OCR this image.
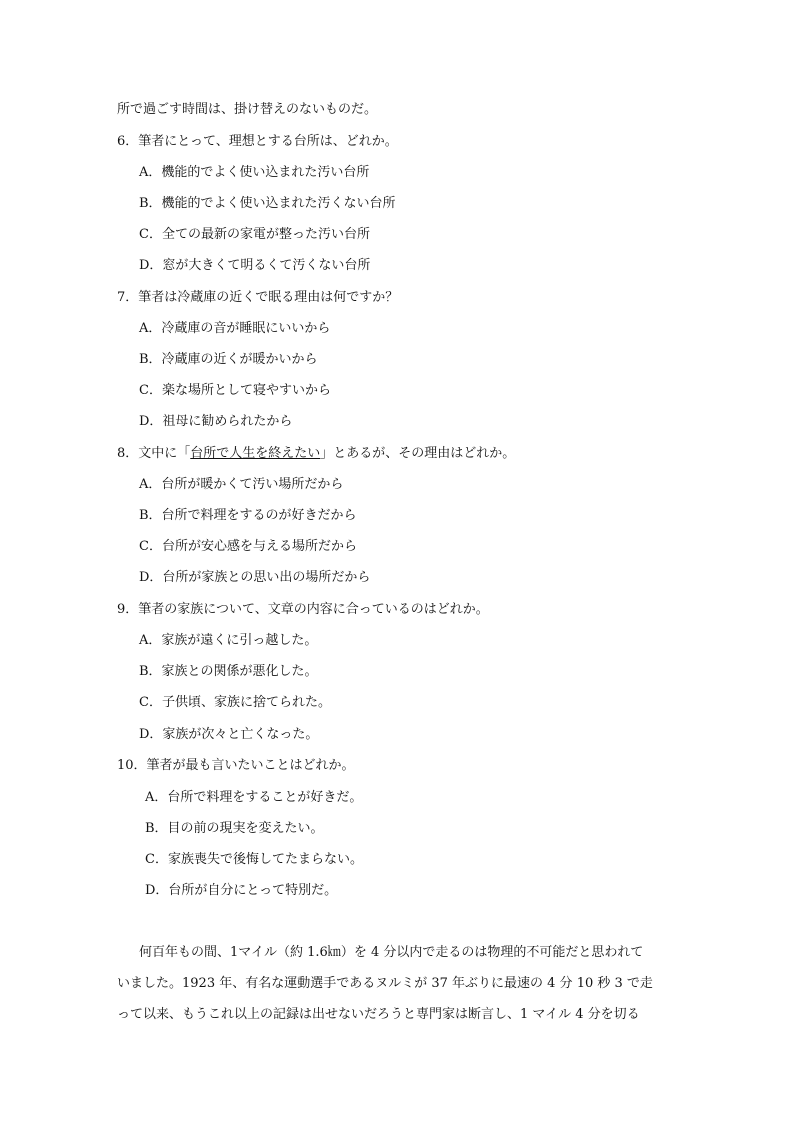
所で過ごす時間は、掛け替えのないものだ。
6．筆者にとって、理想とする台所は、どれか。
A．機能的でよく使い込まれた汚い台所
B．機能的でよく使い込まれた汚くない台所
C．全ての最新の家電が整った汚い台所
D．窓が大きくて明るくて汚くない台所
7．筆者は冷蔵庫の近くで眠る理由は何ですか？
A．冷蔵庫の音が睡眠にいいから
B．冷蔵庫の近くが暖かいから
C．楽な場所として寝やすいから
D．祖母に勧められたから
8．文中に「台所で人生を終えたい」とあるが、その理由はどれか。
A．台所が暖かくて汚い場所だから
B．台所で料理をするのが好きだから
C．台所が安心感を与える場所だから
D．台所が家族との思い出の場所だから
9．筆者の家族について、文章の内容に合っているのはどれか。
A．家族が遠くに引っ越した。
B．家族との関係が悪化した。
C．子供頃、家族に捨てられた。
D．家族が次々と亡くなった。
10．筆者が最も言いたいことはどれか。
A．台所で料理をすることが好きだ。
B．目の前の現実を変えたい。
C．家族喪失で後悔してたまらない。
D．台所が自分にとって特別だ。
何百年もの間、1マイル（約 1.6㎞）を 4 分以内で走るのは物理的不可能だと思われて
いました。1923 年、有名な運動選手であるヌルミが 37 年ぶりに最速の 4 分 10 秒 3 で走
って以来、もうこれ以上の記録は出せないだろうと専門家は断言し、1 マイル 4 分を切る
